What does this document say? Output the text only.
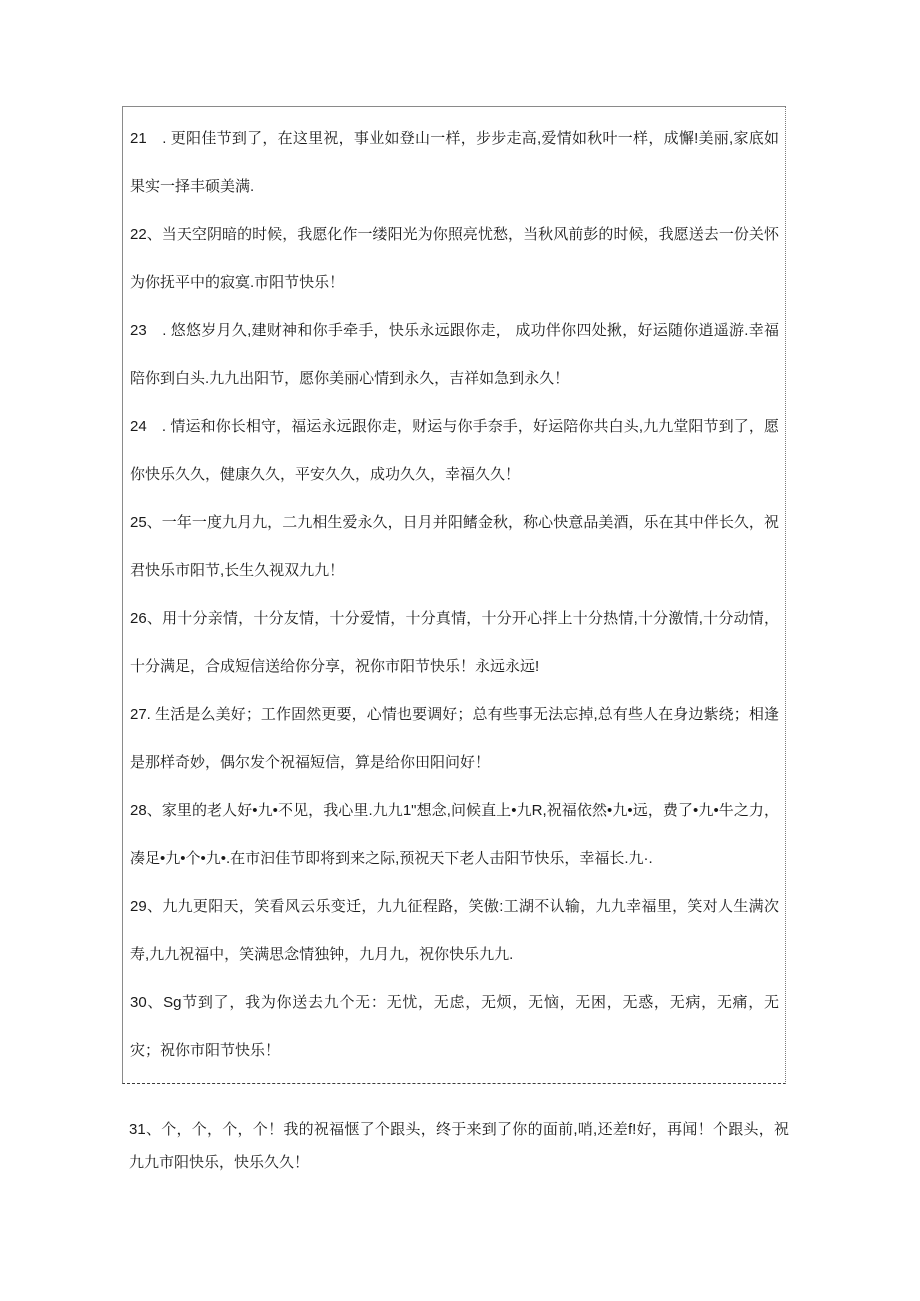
21　. 更阳佳节到了，在这里祝，事业如登山一样，步步走高,爱情如秋叶一样，成懈!美丽,家底如果实一择丰硕美满.

22、当天空阴暗的时候，我愿化作一缕阳光为你照亮忧愁，当秋风前彭的时候，我愿送去一份关怀为你抚平中的寂寞.市阳节快乐！

23　. 悠悠岁月久,建财神和你手牵手，快乐永远跟你走， 成功伴你四处揪，好运随你逍遥游.幸福陪你到白头.九九出阳节，愿你美丽心情到永久，吉祥如急到永久！

24　. 情运和你长相守，福运永远跟你走，财运与你手奈手，好运陪你共白头,九九堂阳节到了，愿你快乐久久，健康久久，平安久久，成功久久，幸福久久！

25、一年一度九月九，二九相生爱永久，日月并阳鳍金秋，称心快意品美酒，乐在其中伴长久，祝君快乐市阳节,长生久视双九九！

26、用十分亲情，十分友情，十分爱情，十分真情，十分开心拌上十分热情,十分激情,十分动情，十分满足，合成短信送给你分享，祝你市阳节快乐！永远永远!

27. 生活是么美好；工作固然更要，心情也要调好；总有些事无法忘掉,总有些人在身边紫绕；相逢是那样奇妙，偶尔发个祝福短信，算是给你田阳问好！

28、家里的老人好•九•不见，我心里.九九1"想念,问候直上•九R,祝福依然•九•远，费了•九•牛之力，凑足•九•个•九•.在市汩佳节即将到来之际,预祝天下老人击阳节快乐，幸福长.九·.

29、九九更阳天，笑看风云乐变迁，九九征程路，笑傲:工湖不认输，九九幸福里，笑对人生满次寿,九九祝福中，笑满思念情独钟，九月九，祝你快乐九九.

30、Sg节到了，我为你送去九个无：无忧，无虑，无烦，无恼，无困，无惑，无病，无痛，无灾；祝你市阳节快乐！

31、个，个，个，个！我的祝福惬了个跟头，终于来到了你的面前,哨,还差f!好，再闻！个跟头，祝九九市阳快乐，快乐久久！
